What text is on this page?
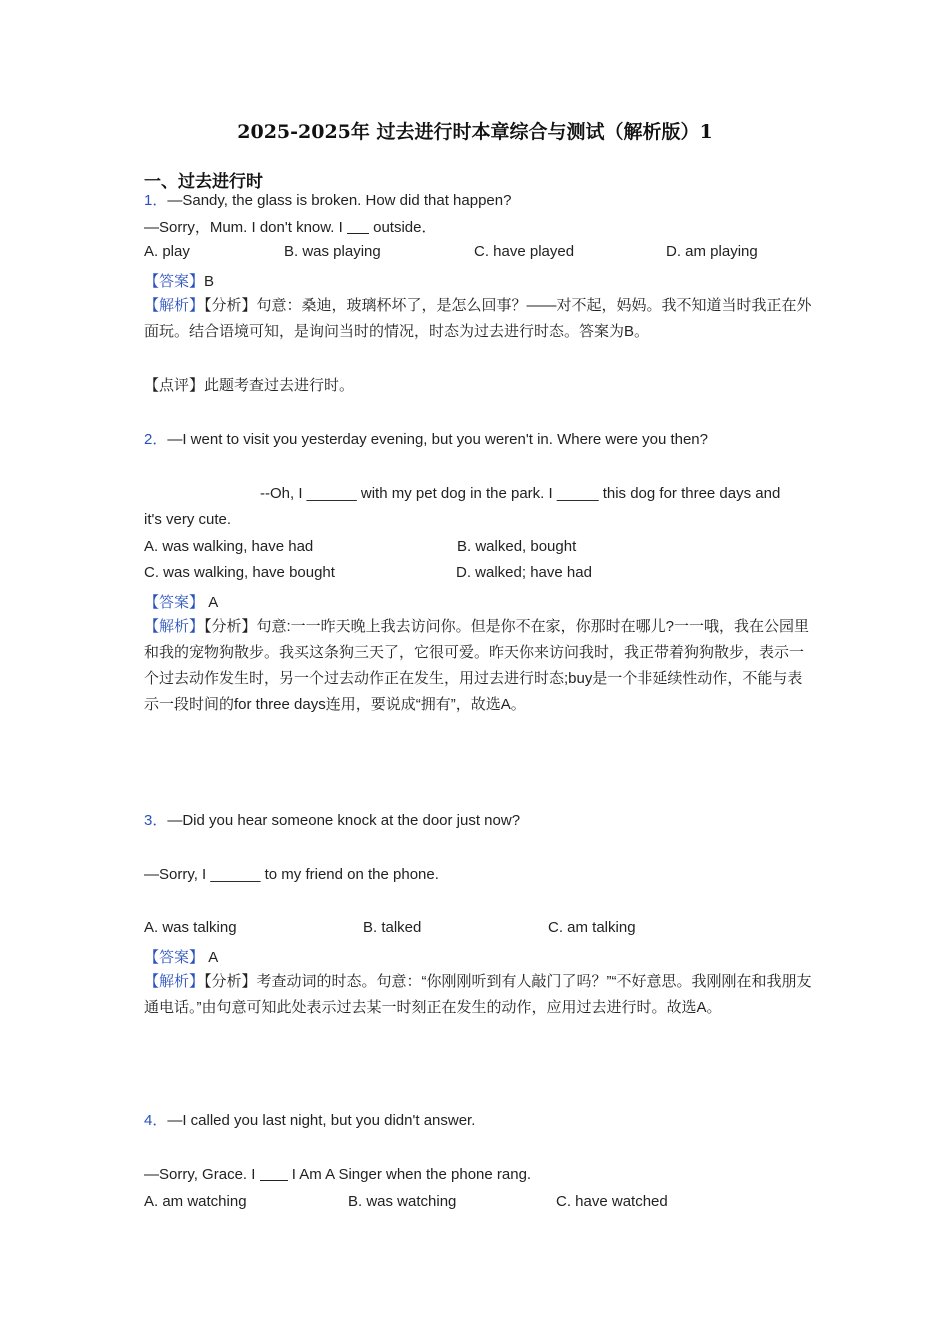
2025-2025年 过去进行时本章综合与测试（解析版）1
一、过去进行时
1．—Sandy, the glass is broken. How did that happen?
—Sorry，Mum. I don't know. I outside．
A. play	B. was playing	C. have played	D. am playing
【答案】B
【解析】【分析】句意：桑迪，玻璃杯坏了，是怎么回事？——对不起，妈妈。我不知道当时我正在外面玩。结合语境可知，是询问当时的情况，时态为过去进行时态。答案为B。
【点评】此题考查过去进行时。
2．—I went to visit you yesterday evening, but you weren't in. Where were you then?
--Oh, I ______ with my pet dog in the park. I _____ this dog for three days and
it's very cute.
A. was walking, have had	B. walked, bought
C. was walking, have bought	D. walked; have had
【答案】 A
【解析】【分析】句意:一一昨天晚上我去访问你。但是你不在家，你那时在哪儿?一一哦，我在公园里和我的宠物狗散步。我买这条狗三天了，它很可爱。昨天你来访问我时，我正带着狗狗散步，表示一个过去动作发生时，另一个过去动作正在发生，用过去进行时态;buy是一个非延续性动作，不能与表示一段时间的for three days连用，要说成“拥有”，故选A。
3．—Did you hear someone knock at the door just now?
—Sorry, I ______ to my friend on the phone.
A. was talking	B. talked	C. am talking
【答案】 A
【解析】【分析】考查动词的时态。句意：“你刚刚听到有人敲门了吗？”“不好意思。我刚刚在和我朋友通电话。”由句意可知此处表示过去某一时刻正在发生的动作，应用过去进行时。故选A。
4．—I called you last night, but you didn't answer.
—Sorry, Grace. I I Am A Singer when the phone rang.
A. am watching	B. was watching	C. have watched
